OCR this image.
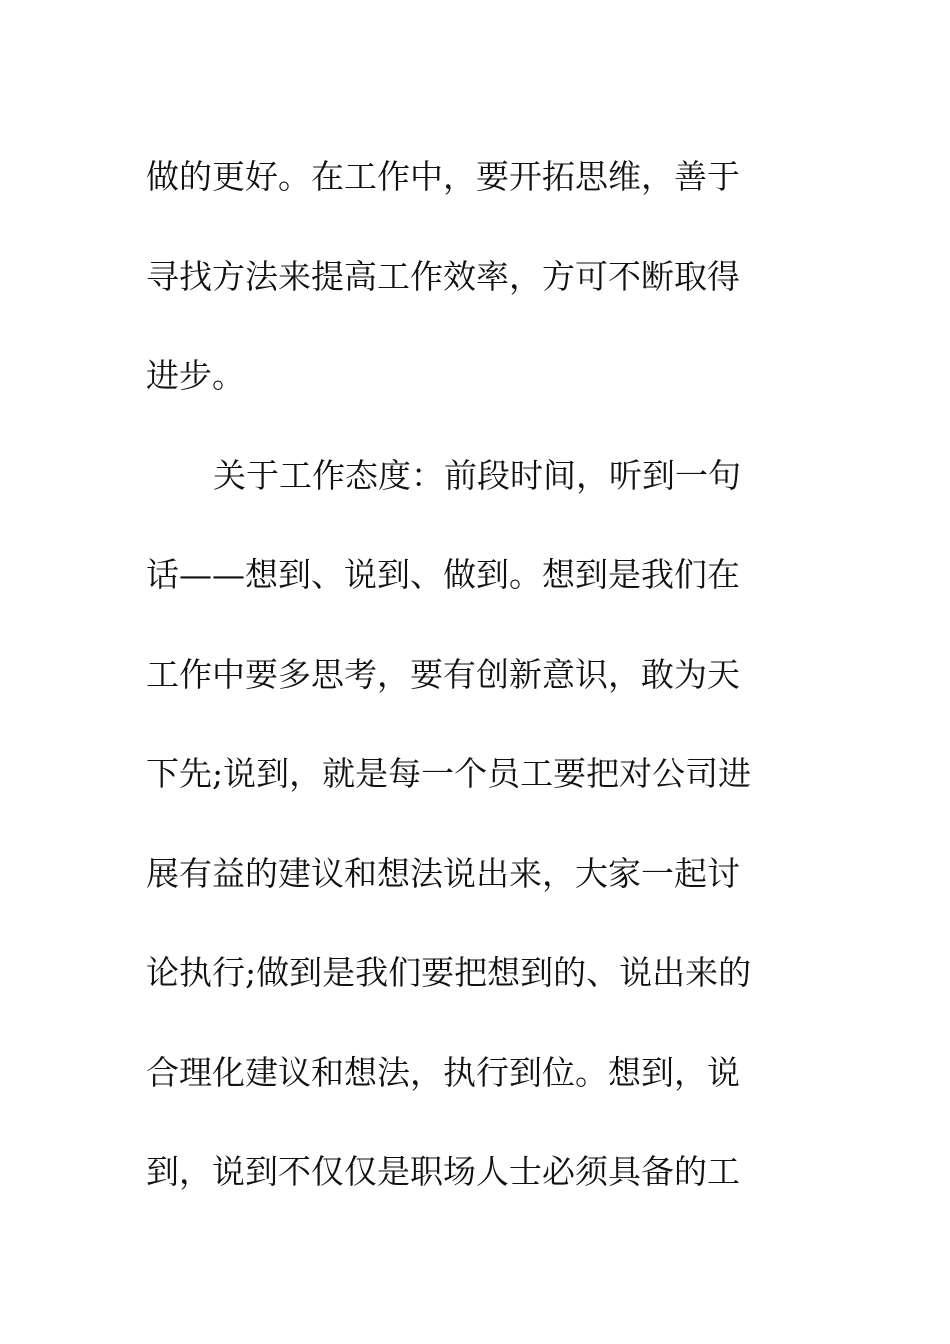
做的更好。在工作中，要开拓思维，善于
寻找方法来提高工作效率，方可不断取得
进步。
关于工作态度：前段时间，听到一句
话——想到、说到、做到。想到是我们在
工作中要多思考，要有创新意识，敢为天
下先;说到，就是每一个员工要把对公司进
展有益的建议和想法说出来，大家一起讨
论执行;做到是我们要把想到的、说出来的
合理化建议和想法，执行到位。想到，说
到，说到不仅仅是职场人士必须具备的工
